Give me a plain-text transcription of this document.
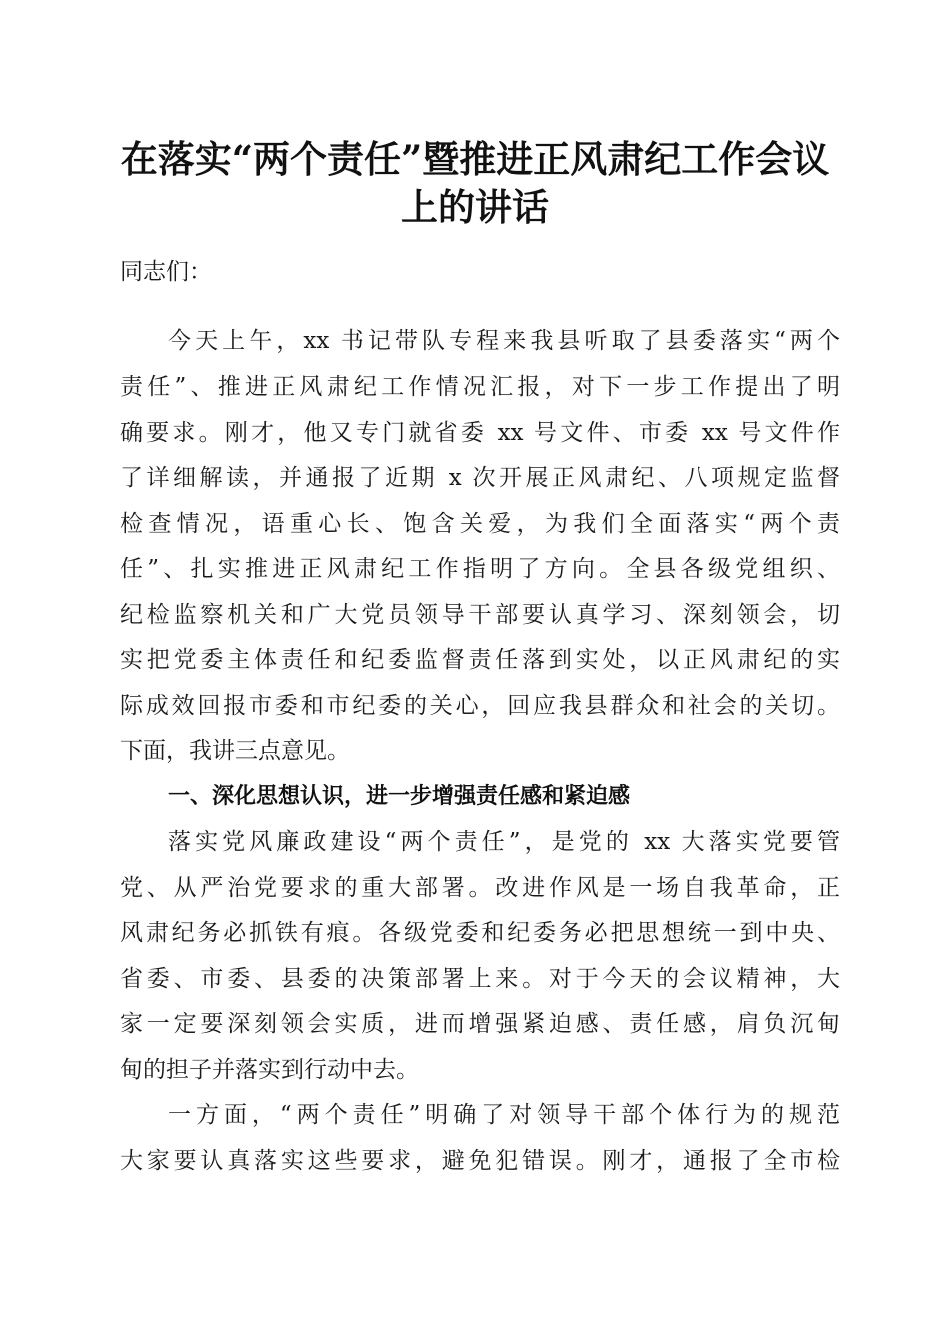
在落实“两个责任”暨推进正风肃纪工作会议
上的讲话
同志们：
今天上午，xx 书记带队专程来我县听取了县委落实“两个
责任”、推进正风肃纪工作情况汇报，对下一步工作提出了明
确要求。刚才，他又专门就省委 xx 号文件、市委 xx 号文件作
了详细解读，并通报了近期 x 次开展正风肃纪、八项规定监督
检查情况，语重心长、饱含关爱，为我们全面落实“两个责
任”、扎实推进正风肃纪工作指明了方向。全县各级党组织、
纪检监察机关和广大党员领导干部要认真学习、深刻领会，切
实把党委主体责任和纪委监督责任落到实处，以正风肃纪的实
际成效回报市委和市纪委的关心，回应我县群众和社会的关切。
下面，我讲三点意见。
一、深化思想认识，进一步增强责任感和紧迫感
落实党风廉政建设“两个责任”，是党的 xx 大落实党要管
党、从严治党要求的重大部署。改进作风是一场自我革命，正
风肃纪务必抓铁有痕。各级党委和纪委务必把思想统一到中央、
省委、市委、县委的决策部署上来。对于今天的会议精神，大
家一定要深刻领会实质，进而增强紧迫感、责任感，肩负沉甸
甸的担子并落实到行动中去。
一方面，“两个责任”明确了对领导干部个体行为的规范
大家要认真落实这些要求，避免犯错误。刚才，通报了全市检
